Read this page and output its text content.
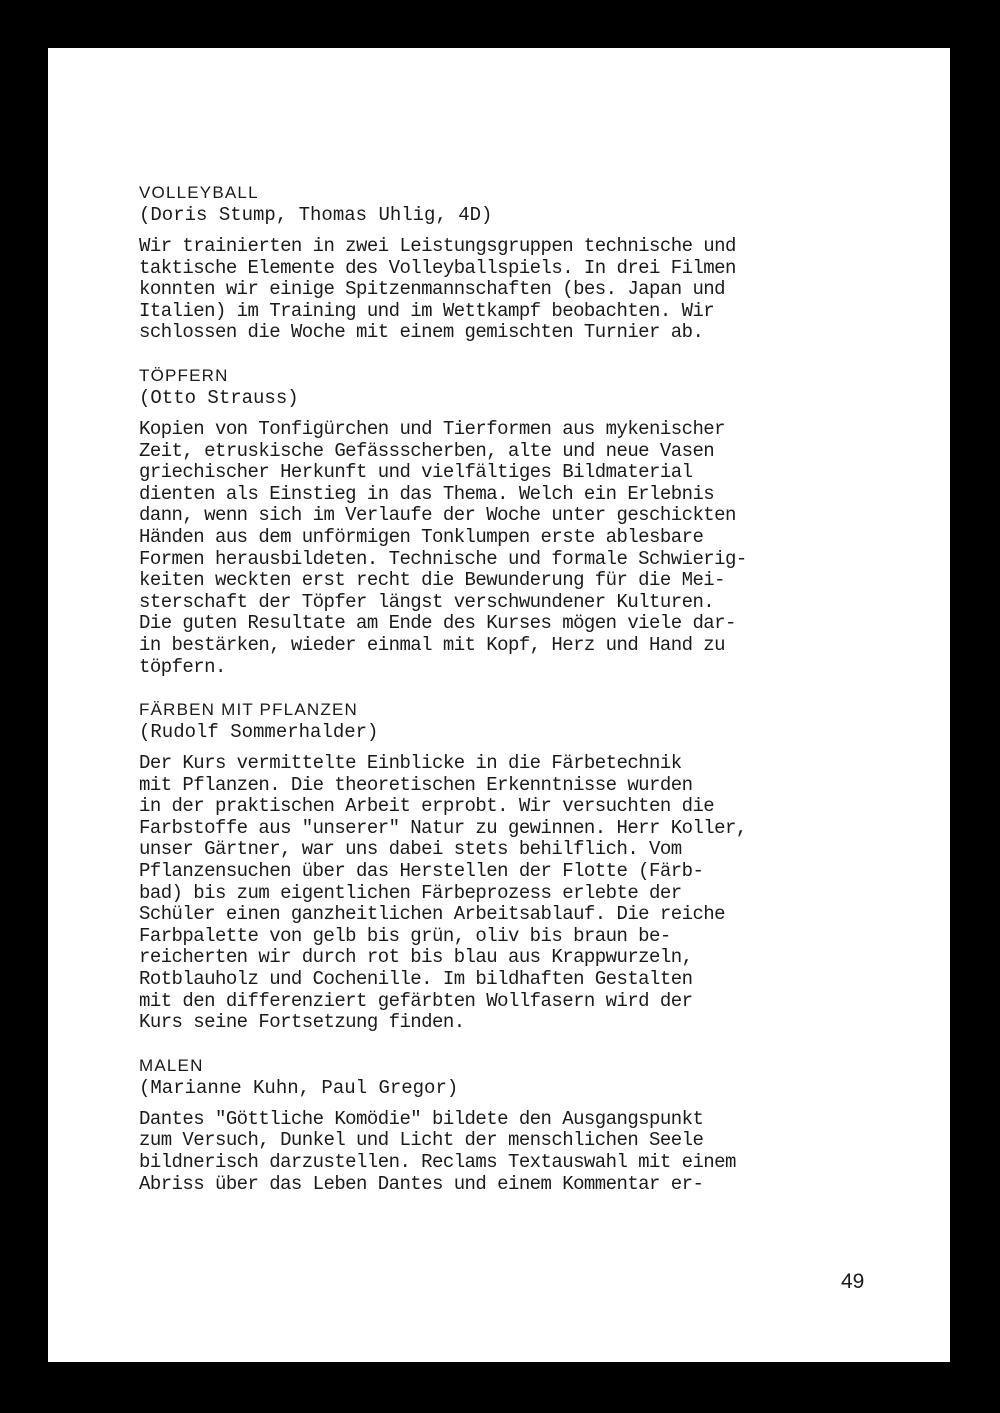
VOLLEYBALL
(Doris Stump, Thomas Uhlig, 4D)
Wir trainierten in zwei Leistungsgruppen technische und
taktische Elemente des Volleyballspiels. In drei Filmen
konnten wir einige Spitzenmannschaften (bes. Japan und
Italien) im Training und im Wettkampf beobachten. Wir
schlossen die Woche mit einem gemischten Turnier ab.
TÖPFERN
(Otto Strauss)
Kopien von Tonfigürchen und Tierformen aus mykenischer
Zeit, etruskische Gefässscherben, alte und neue Vasen
griechischer Herkunft und vielfältiges Bildmaterial
dienten als Einstieg in das Thema. Welch ein Erlebnis
dann, wenn sich im Verlaufe der Woche unter geschickten
Händen aus dem unförmigen Tonklumpen erste ablesbare
Formen herausbildeten. Technische und formale Schwierig-
keiten weckten erst recht die Bewunderung für die Mei-
sterschaft der Töpfer längst verschwundener Kulturen.
Die guten Resultate am Ende des Kurses mögen viele dar-
in bestärken, wieder einmal mit Kopf, Herz und Hand zu
töpfern.
FÄRBEN MIT PFLANZEN
(Rudolf Sommerhalder)
Der Kurs vermittelte Einblicke in die Färbetechnik
mit Pflanzen. Die theoretischen Erkenntnisse wurden
in der praktischen Arbeit erprobt. Wir versuchten die
Farbstoffe aus "unserer" Natur zu gewinnen. Herr Koller,
unser Gärtner, war uns dabei stets behilflich. Vom
Pflanzensuchen über das Herstellen der Flotte (Färb-
bad) bis zum eigentlichen Färbeprozess erlebte der
Schüler einen ganzheitlichen Arbeitsablauf. Die reiche
Farbpalette von gelb bis grün, oliv bis braun be-
reicherten wir durch rot bis blau aus Krappwurzeln,
Rotblauholz und Cochenille. Im bildhaften Gestalten
mit den differenziert gefärbten Wollfasern wird der
Kurs seine Fortsetzung finden.
MALEN
(Marianne Kuhn, Paul Gregor)
Dantes "Göttliche Komödie" bildete den Ausgangspunkt
zum Versuch, Dunkel und Licht der menschlichen Seele
bildnerisch darzustellen. Reclams Textauswahl mit einem
Abriss über das Leben Dantes und einem Kommentar er-
49
